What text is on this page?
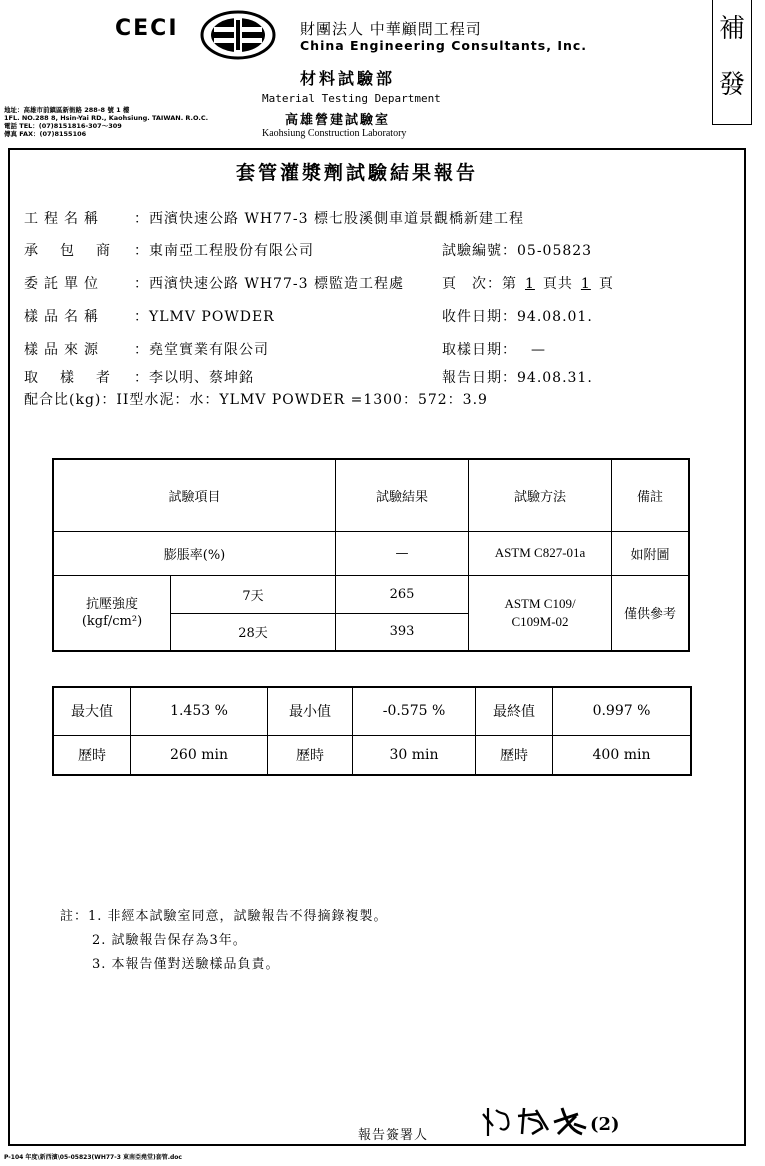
CECI	財團法人 中華顧問工程司
China Engineering Consultants, Inc.
材料試驗部
Material Testing Department
高雄營建試驗室
Kaohsiung Construction Laboratory
地址：高雄市前鎮區新衙路 288-8 號 1 樓
1FL. NO.288 8, Hsin-Yai RD., Kaohsiung. TAIWAN. R.O.C.
電話 TEL：(07)8151816-307～309
傳真 FAX：(07)8155106
補
發
套管灌漿劑試驗結果報告
工程名稱 ：西濱快速公路 WH77-3 標七股溪側車道景觀橋新建工程
承包商 ：東南亞工程股份有限公司
委託單位 ：西濱快速公路 WH77-3 標監造工程處
樣品名稱 ：YLMV POWDER
樣品來源 ：堯堂實業有限公司
取樣者 ：李以明、蔡坤銘
配合比(kg)：II型水泥：水：YLMV POWDER =1300：572：3.9
試驗編號：05-05823
頁　次：第 1 頁共 1 頁
收件日期：94.08.01.
取樣日期： —
報告日期：94.08.31.
試驗項目		試驗結果	試驗方法	備註
膨脹率(%)		—	ASTM C827-01a	如附圖

抗壓強度
(kgf/cm²)	7天	265	ASTM C109/ C109M-02	僅供參考
	28天	393		
最大值	1.453 %	最小值	-0.575 %	最終值	0.997 %
歷時	260 min	歷時	30 min	歷時	400 min
註：1. 非經本試驗室同意，試驗報告不得摘錄複製。
2. 試驗報告保存為3年。
3. 本報告僅對送驗樣品負責。
報告簽署人
(2)
P-104 年度\新西濱\05-05823(WH77-3 東南亞堯堂)套管.doc
